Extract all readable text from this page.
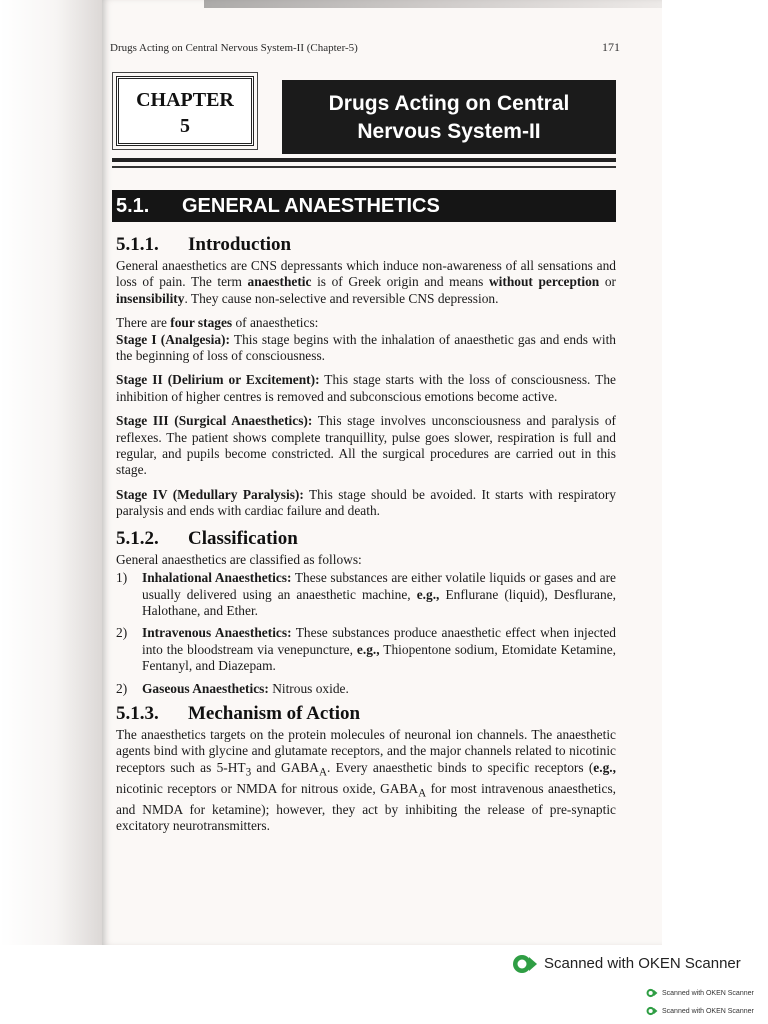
Drugs Acting on Central Nervous System-II (Chapter-5)	171
CHAPTER
5
Drugs Acting on Central
Nervous System-II
5.1. GENERAL ANAESTHETICS
5.1.1. Introduction

General anaesthetics are CNS depressants which induce non-awareness of all sensations and loss of pain. The term anaesthetic is of Greek origin and means without perception or insensibility. They cause non-selective and reversible CNS depression.

There are four stages of anaesthetics:

Stage I (Analgesia): This stage begins with the inhalation of anaesthetic gas and ends with the beginning of loss of consciousness.

Stage II (Delirium or Excitement): This stage starts with the loss of consciousness. The inhibition of higher centres is removed and subconscious emotions become active.

Stage III (Surgical Anaesthetics): This stage involves unconsciousness and paralysis of reflexes. The patient shows complete tranquillity, pulse goes slower, respiration is full and regular, and pupils become constricted. All the surgical procedures are carried out in this stage.

Stage IV (Medullary Paralysis): This stage should be avoided. It starts with respiratory paralysis and ends with cardiac failure and death.

5.1.2. Classification

General anaesthetics are classified as follows:

1) Inhalational Anaesthetics: These substances are either volatile liquids or gases and are usually delivered using an anaesthetic machine, e.g., Enflurane (liquid), Desflurane, Halothane, and Ether.
2) Intravenous Anaesthetics: These substances produce anaesthetic effect when injected into the bloodstream via venepuncture, e.g., Thiopentone sodium, Etomidate Ketamine, Fentanyl, and Diazepam.
2) Gaseous Anaesthetics: Nitrous oxide.
5.1.3. Mechanism of Action

The anaesthetics targets on the protein molecules of neuronal ion channels. The anaesthetic agents bind with glycine and glutamate receptors, and the major channels related to nicotinic receptors such as $5-HT_3$ and $GABA_A$. Every anaesthetic binds to specific receptors (e.g., nicotinic receptors or NMDA for nitrous oxide, $GABA_A$ for most intravenous anaesthetics, and NMDA for ketamine); however, they act by inhibiting the release of pre-synaptic excitatory neurotransmitters.

Scanned with OKEN Scanner
Scanned with OKEN Scanner
Scanned with OKEN Scanner
